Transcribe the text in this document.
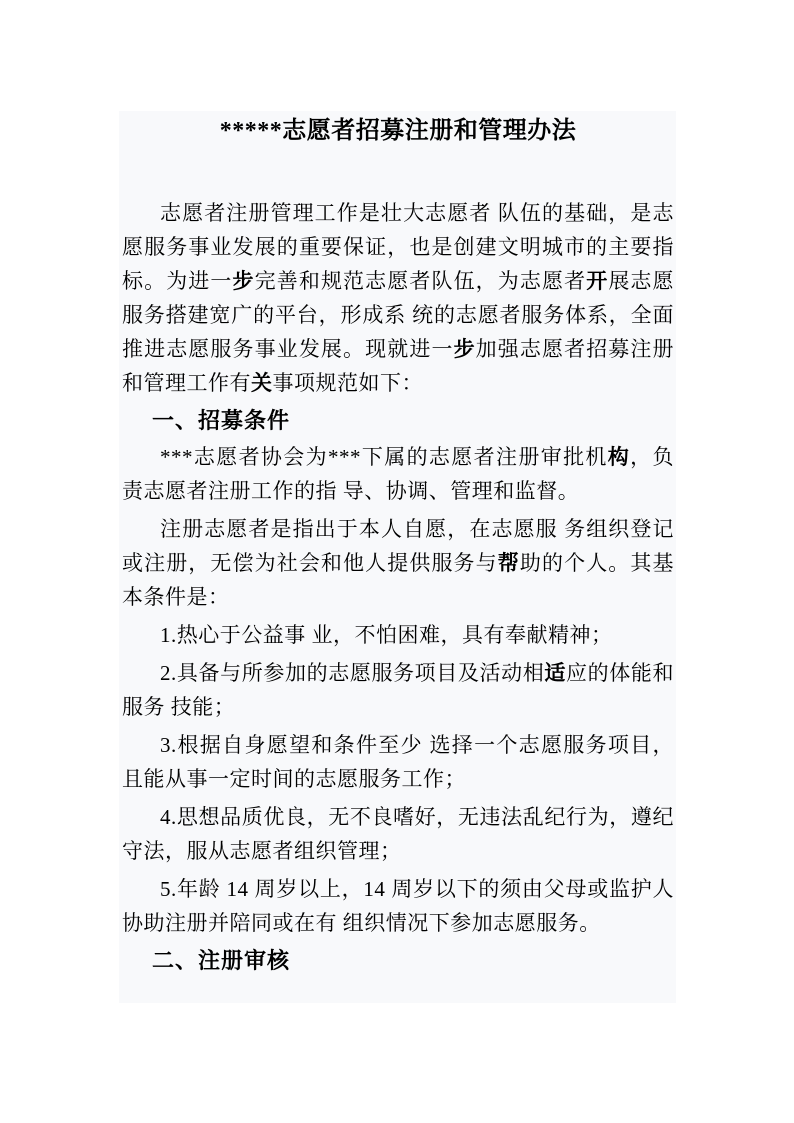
*****志愿者招募注册和管理办法

志愿者注册管理工作是壮大志愿者 队伍的基础，是志愿服务事业发展的重要保证，也是创建文明城市的主要指标。为进一步完善和规范志愿者队伍，为志愿者开展志愿服务搭建宽广的平台，形成系 统的志愿者服务体系，全面推进志愿服务事业发展。现就进一步加强志愿者招募注册和管理工作有关事项规范如下：

一、招募条件

***志愿者协会为***下属的志愿者注册审批机构，负责志愿者注册工作的指 导、协调、管理和监督。

注册志愿者是指出于本人自愿，在志愿服 务组织登记或注册，无偿为社会和他人提供服务与帮助的个人。其基本条件是：

1.热心于公益事 业，不怕困难，具有奉献精神；

2.具备与所参加的志愿服务项目及活动相适应的体能和服务 技能；

3.根据自身愿望和条件至少 选择一个志愿服务项目，且能从事一定时间的志愿服务工作；

4.思想品质优良，无不良嗜好，无违法乱纪行为，遵纪守法，服从志愿者组织管理；

5.年龄 14 周岁以上，14 周岁以下的须由父母或监护人协助注册并陪同或在有 组织情况下参加志愿服务。

二、注册审核
